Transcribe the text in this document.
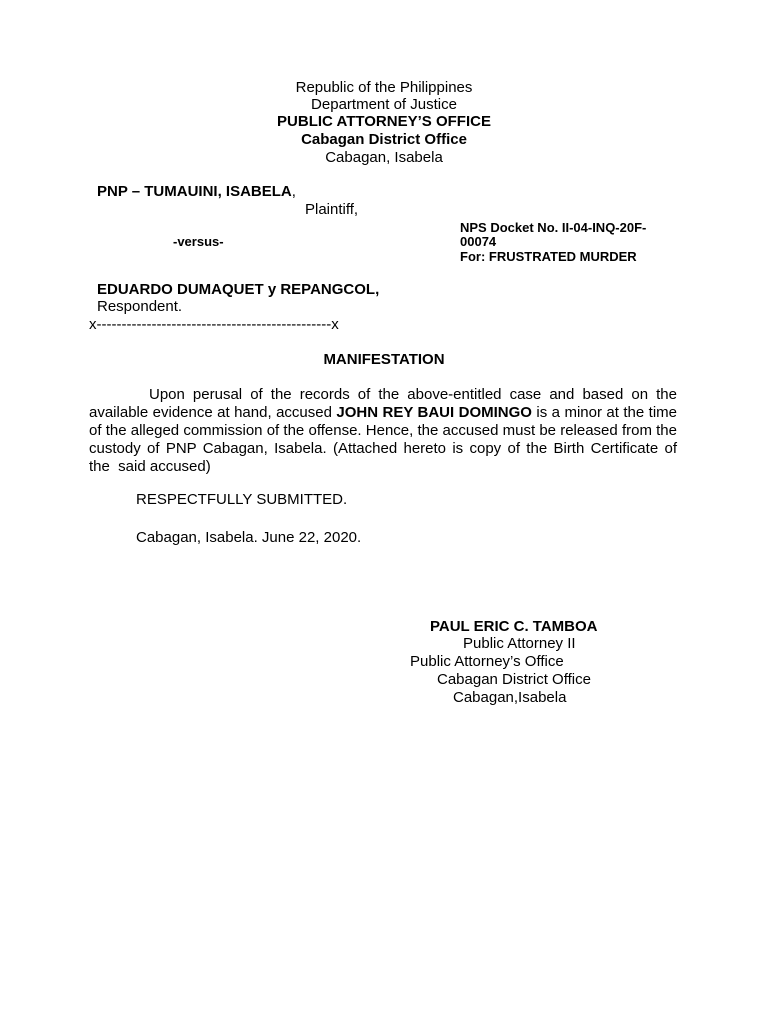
Republic of the Philippines
Department of Justice
PUBLIC ATTORNEY’S OFFICE
Cabagan District Office
Cabagan, Isabela
PNP – TUMAUINI, ISABELA,
Plaintiff,
NPS Docket No. II-04-INQ-20F-
00074
For: FRUSTRATED MURDER
-versus-
EDUARDO DUMAQUET y REPANGCOL,
Respondent.
x-----------------------------------------------x
MANIFESTATION
Upon perusal of the records of the above-entitled case and based on the available evidence at hand, accused JOHN REY BAUI DOMINGO is a minor at the time of the alleged commission of the offense. Hence, the accused must be released from the custody of PNP Cabagan, Isabela. (Attached hereto is copy of the Birth Certificate of the  said accused)
RESPECTFULLY SUBMITTED.
Cabagan, Isabela. June 22, 2020.
PAUL ERIC C. TAMBOA
Public Attorney II
Public Attorney’s Office
Cabagan District Office
Cabagan,Isabela
